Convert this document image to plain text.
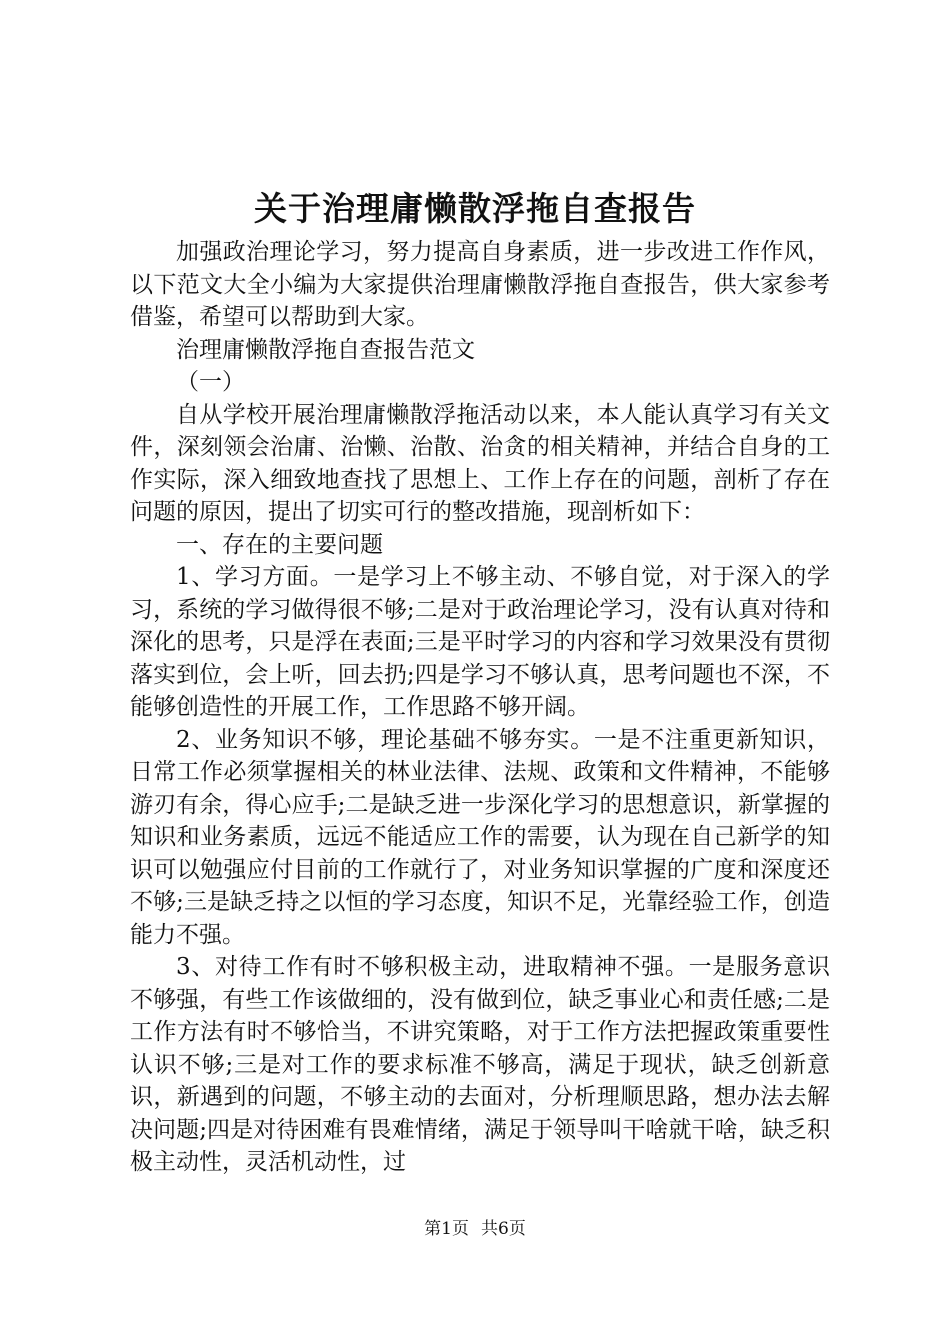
关于治理庸懒散浮拖自查报告

加强政治理论学习，努力提高自身素质，进一步改进工作作风，以下范文大全小编为大家提供治理庸懒散浮拖自查报告，供大家参考借鉴，希望可以帮助到大家。

治理庸懒散浮拖自查报告范文

（一）

自从学校开展治理庸懒散浮拖活动以来，本人能认真学习有关文件，深刻领会治庸、治懒、治散、治贪的相关精神，并结合自身的工作实际，深入细致地查找了思想上、工作上存在的问题，剖析了存在问题的原因，提出了切实可行的整改措施，现剖析如下：

一、存在的主要问题

1、学习方面。一是学习上不够主动、不够自觉，对于深入的学习，系统的学习做得很不够;二是对于政治理论学习，没有认真对待和深化的思考，只是浮在表面;三是平时学习的内容和学习效果没有贯彻落实到位，会上听，回去扔;四是学习不够认真，思考问题也不深，不能够创造性的开展工作，工作思路不够开阔。

2、业务知识不够，理论基础不够夯实。一是不注重更新知识，日常工作必须掌握相关的林业法律、法规、政策和文件精神，不能够游刃有余，得心应手;二是缺乏进一步深化学习的思想意识，新掌握的知识和业务素质，远远不能适应工作的需要，认为现在自己新学的知识可以勉强应付目前的工作就行了，对业务知识掌握的广度和深度还不够;三是缺乏持之以恒的学习态度，知识不足，光靠经验工作，创造能力不强。

3、对待工作有时不够积极主动，进取精神不强。一是服务意识不够强，有些工作该做细的，没有做到位，缺乏事业心和责任感;二是工作方法有时不够恰当，不讲究策略，对于工作方法把握政策重要性认识不够;三是对工作的要求标准不够高，满足于现状，缺乏创新意识，新遇到的问题，不够主动的去面对，分析理顺思路，想办法去解决问题;四是对待困难有畏难情绪，满足于领导叫干啥就干啥，缺乏积极主动性，灵活机动性，过

第1页 共6页
